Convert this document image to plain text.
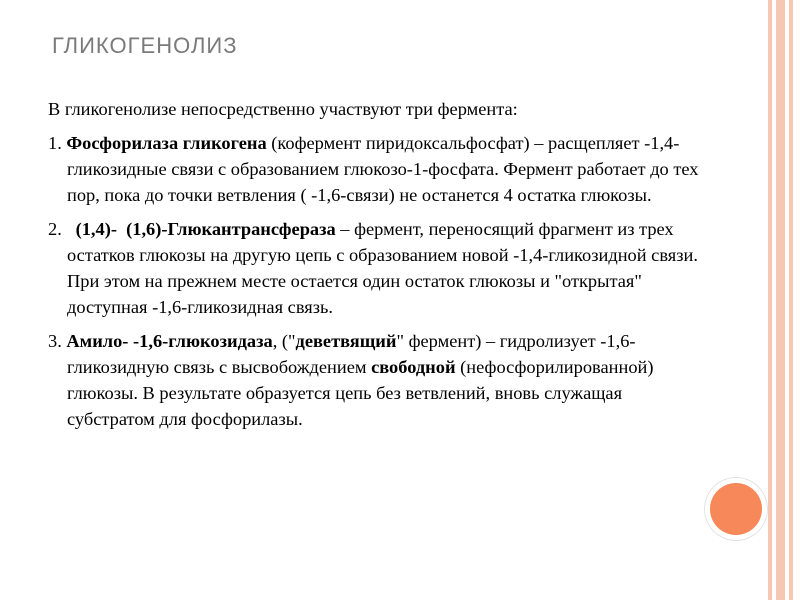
ГЛИКОГЕНОЛИЗ

В гликогенолизе непосредственно участвуют три фермента:

1. Фосфорилаза гликогена (кофермент пиридоксальфосфат) – расщепляет -1,4-гликозидные связи с образованием глюкозо-1-фосфата. Фермент работает до тех пор, пока до точки ветвления ( -1,6-связи) не останется 4 остатка глюкозы.

2.   (1,4)-  (1,6)-Глюкантрансфераза – фермент, переносящий фрагмент из трех остатков глюкозы на другую цепь с образованием новой -1,4-гликозидной связи. При этом на прежнем месте остается один остаток глюкозы и "открытая" доступная -1,6-гликозидная связь.

3. Амило- -1,6-глюкозидаза, ("деветвящий" фермент) – гидролизует -1,6-гликозидную связь с высвобождением свободной (нефосфорилированной) глюкозы. В результате образуется цепь без ветвлений, вновь служащая субстратом для фосфорилазы.
